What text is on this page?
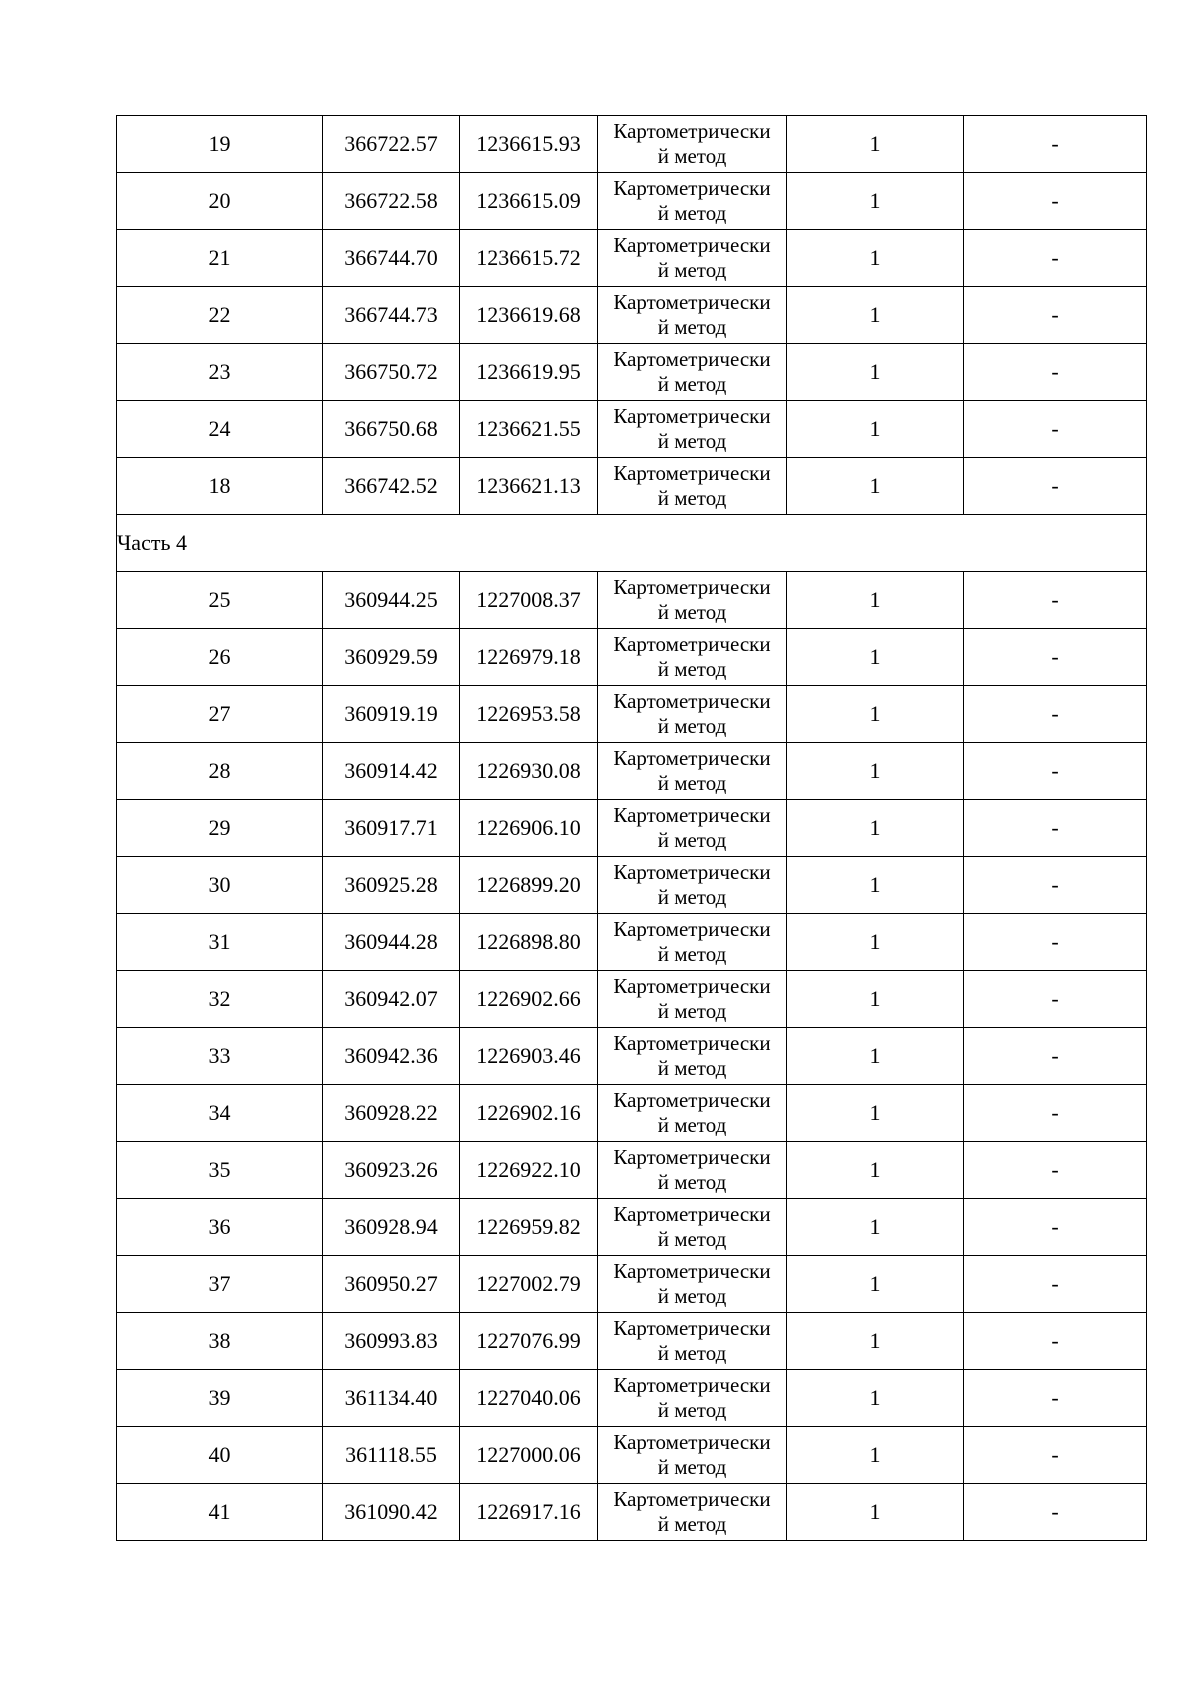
19	366722.57	1236615.93	Картометрически
й метод	1	-
20	366722.58	1236615.09	Картометрически
й метод	1	-
21	366744.70	1236615.72	Картометрически
й метод	1	-
22	366744.73	1236619.68	Картометрически
й метод	1	-
23	366750.72	1236619.95	Картометрически
й метод	1	-
24	366750.68	1236621.55	Картометрически
й метод	1	-
18	366742.52	1236621.13	Картометрически
й метод	1	-
Часть 4					
25	360944.25	1227008.37	Картометрически
й метод	1	-
26	360929.59	1226979.18	Картометрически
й метод	1	-
27	360919.19	1226953.58	Картометрически
й метод	1	-
28	360914.42	1226930.08	Картометрически
й метод	1	-
29	360917.71	1226906.10	Картометрически
й метод	1	-
30	360925.28	1226899.20	Картометрически
й метод	1	-
31	360944.28	1226898.80	Картометрически
й метод	1	-
32	360942.07	1226902.66	Картометрически
й метод	1	-
33	360942.36	1226903.46	Картометрически
й метод	1	-
34	360928.22	1226902.16	Картометрически
й метод	1	-
35	360923.26	1226922.10	Картометрически
й метод	1	-
36	360928.94	1226959.82	Картометрически
й метод	1	-
37	360950.27	1227002.79	Картометрически
й метод	1	-
38	360993.83	1227076.99	Картометрически
й метод	1	-
39	361134.40	1227040.06	Картометрически
й метод	1	-
40	361118.55	1227000.06	Картометрически
й метод	1	-
41	361090.42	1226917.16	Картометрически
й метод	1	-
